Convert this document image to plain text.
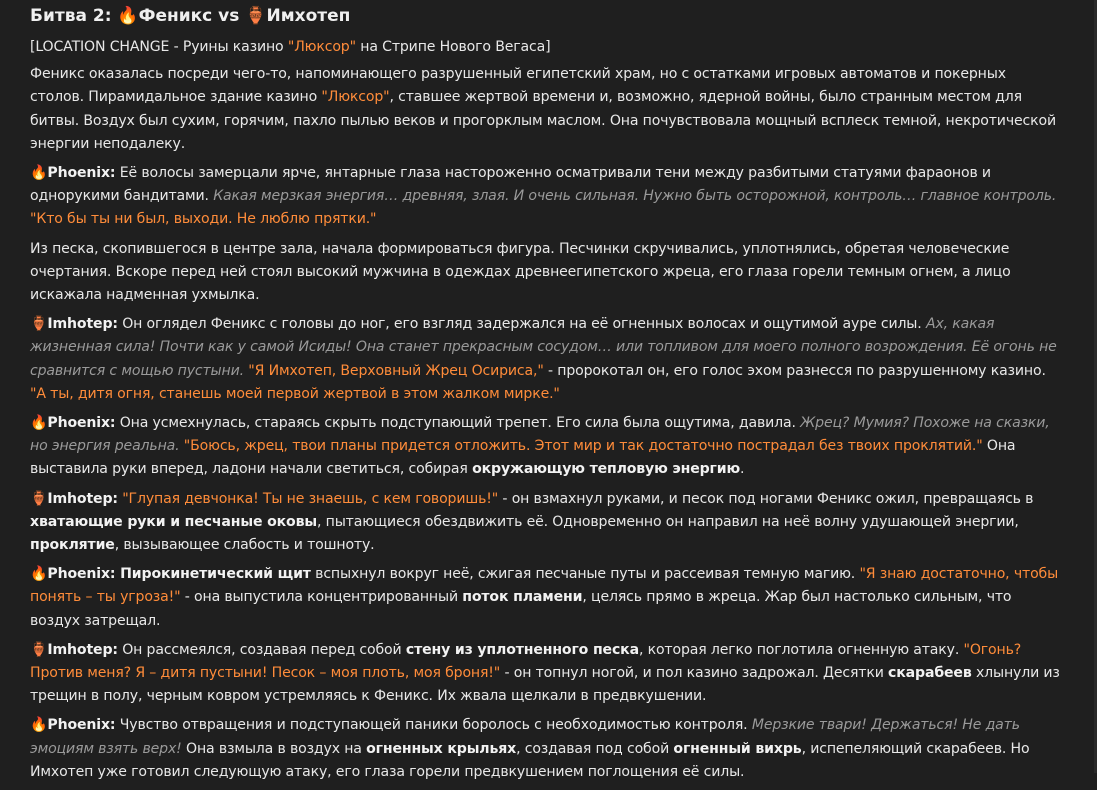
Битва 2: 🔥Феникс vs 🏺Имхотеп

[LOCATION CHANGE - Руины казино "Люксор" на Стрипе Нового Вегаса]

Феникс оказалась посреди чего-то, напоминающего разрушенный египетский храм, но с остатками игровых автоматов и покерных столов. Пирамидальное здание казино "Люксор", ставшее жертвой времени и, возможно, ядерной войны, было странным местом для битвы. Воздух был сухим, горячим, пахло пылью веков и прогорклым маслом. Она почувствовала мощный всплеск темной, некротической энергии неподалеку.

🔥Phoenix: Её волосы замерцали ярче, янтарные глаза настороженно осматривали тени между разбитыми статуями фараонов и однорукими бандитами. Какая мерзкая энергия… древняя, злая. И очень сильная. Нужно быть осторожной, контроль… главное контроль. "Кто бы ты ни был, выходи. Не люблю прятки."

Из песка, скопившегося в центре зала, начала формироваться фигура. Песчинки скручивались, уплотнялись, обретая человеческие очертания. Вскоре перед ней стоял высокий мужчина в одеждах древнеегипетского жреца, его глаза горели темным огнем, а лицо искажала надменная ухмылка.

🏺Imhotep: Он оглядел Феникс с головы до ног, его взгляд задержался на её огненных волосах и ощутимой ауре силы. Ах, какая жизненная сила! Почти как у самой Исиды! Она станет прекрасным сосудом… или топливом для моего полного возрождения. Её огонь не сравнится с мощью пустыни. "Я Имхотеп, Верховный Жрец Осириса," - пророкотал он, его голос эхом разнесся по разрушенному казино. "А ты, дитя огня, станешь моей первой жертвой в этом жалком мирке."

🔥Phoenix: Она усмехнулась, стараясь скрыть подступающий трепет. Его сила была ощутима, давила. Жрец? Мумия? Похоже на сказки, но энергия реальна. "Боюсь, жрец, твои планы придется отложить. Этот мир и так достаточно пострадал без твоих проклятий." Она выставила руки вперед, ладони начали светиться, собирая окружающую тепловую энергию.

🏺Imhotep: "Глупая девчонка! Ты не знаешь, с кем говоришь!" - он взмахнул руками, и песок под ногами Феникс ожил, превращаясь в хватающие руки и песчаные оковы, пытающиеся обездвижить её. Одновременно он направил на неё волну удушающей энергии, проклятие, вызывающее слабость и тошноту.

🔥Phoenix: Пирокинетический щит вспыхнул вокруг неё, сжигая песчаные путы и рассеивая темную магию. "Я знаю достаточно, чтобы понять – ты угроза!" - она выпустила концентрированный поток пламени, целясь прямо в жреца. Жар был настолько сильным, что воздух затрещал.

🏺Imhotep: Он рассмеялся, создавая перед собой стену из уплотненного песка, которая легко поглотила огненную атаку. "Огонь? Против меня? Я – дитя пустыни! Песок – моя плоть, моя броня!" - он топнул ногой, и пол казино задрожал. Десятки скарабеев хлынули из трещин в полу, черным ковром устремляясь к Феникс. Их жвала щелкали в предвкушении.

🔥Phoenix: Чувство отвращения и подступающей паники боролось с необходимостью контроля. Мерзкие твари! Держаться! Не дать эмоциям взять верх! Она взмыла в воздух на огненных крыльях, создавая под собой огненный вихрь, испепеляющий скарабеев. Но Имхотеп уже готовил следующую атаку, его глаза горели предвкушением поглощения её силы.
